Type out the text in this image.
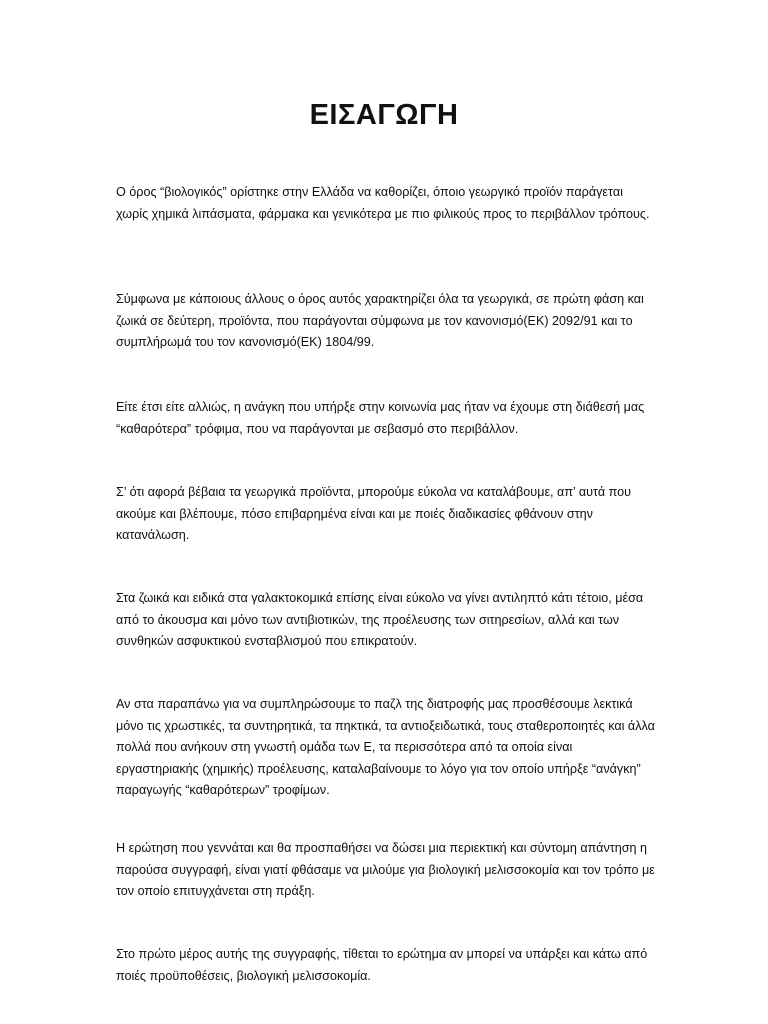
ΕΙΣΑΓΩΓΗ

Ο όρος “βιολογικός” ορίστηκε στην Ελλάδα να καθορίζει, όποιο γεωργικό προϊόν παράγεται χωρίς χημικά λιπάσματα, φάρμακα και γενικότερα με πιο φιλικούς προς το περιβάλλον τρόπους.

Σύμφωνα με κάποιους άλλους ο όρος αυτός χαρακτηρίζει όλα τα γεωργικά, σε πρώτη φάση και ζωικά σε δεύτερη, προϊόντα, που παράγονται σύμφωνα με τον κανονισμό(ΕΚ) 2092/91 και το συμπλήρωμά του τον κανονισμό(ΕΚ) 1804/99.

Είτε έτσι είτε αλλιώς, η ανάγκη που υπήρξε στην κοινωνία μας ήταν να έχουμε στη διάθεσή μας “καθαρότερα” τρόφιμα, που να παράγονται με σεβασμό στο περιβάλλον.

Σ’ ότι αφορά βέβαια τα γεωργικά προϊόντα, μπορούμε εύκολα να καταλάβουμε, απ’ αυτά που ακούμε και βλέπουμε, πόσο επιβαρημένα είναι και με ποιές διαδικασίες φθάνουν στην κατανάλωση.

Στα ζωικά και ειδικά στα γαλακτοκομικά επίσης είναι εύκολο να γίνει αντιληπτό κάτι τέτοιο, μέσα από το άκουσμα και μόνο των αντιβιοτικών, της προέλευσης των σιτηρεσίων, αλλά και των συνθηκών ασφυκτικού ενσταβλισμού που επικρατούν.

Αν στα παραπάνω για να συμπληρώσουμε το παζλ της διατροφής μας προσθέσουμε λεκτικά μόνο τις χρωστικές, τα συντηρητικά, τα πηκτικά, τα αντιοξειδωτικά, τους σταθεροποιητές και άλλα πολλά που ανήκουν στη γνωστή ομάδα των Ε, τα περισσότερα από τα οποία είναι εργαστηριακής (χημικής) προέλευσης, καταλαβαίνουμε το λόγο για τον οποίο υπήρξε “ανάγκη” παραγωγής “καθαρότερων” τροφίμων.

Η ερώτηση που γεννάται και θα προσπαθήσει να δώσει μια περιεκτική και σύντομη απάντηση η παρούσα συγγραφή, είναι γιατί φθάσαμε να μιλούμε για βιολογική μελισσοκομία και τον τρόπο με τον οποίο επιτυγχάνεται στη πράξη.

Στο πρώτο μέρος αυτής της συγγραφής, τίθεται το ερώτημα αν μπορεί να υπάρξει και κάτω από ποιές προϋποθέσεις, βιολογική μελισσοκομία.
